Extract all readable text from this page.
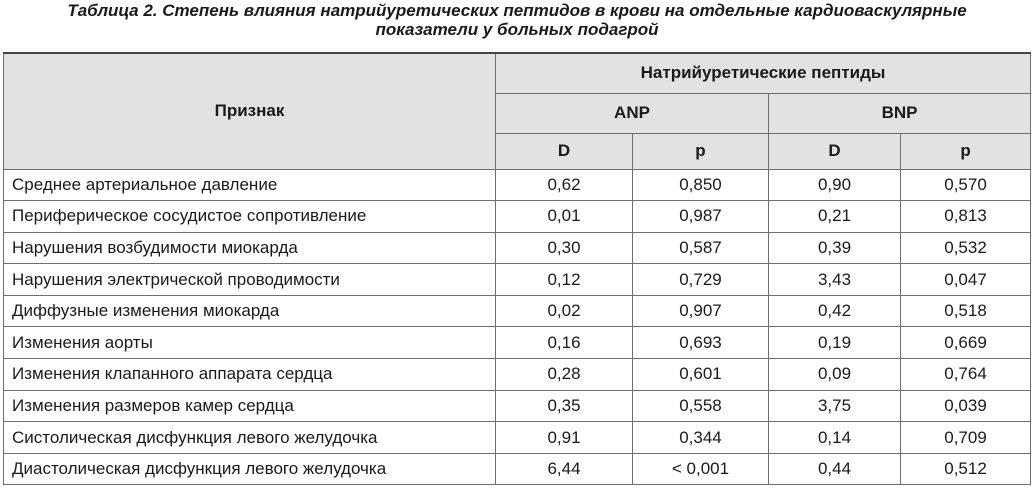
Таблица 2. Степень влияния натрийуретических пептидов в крови на отдельные кардиоваскулярные
показатели у больных подагрой
Признак	Натрийуретические пептиды			
	ANP		BNP	
	D	p	D	p
Среднее артериальное давление	0,62	0,850	0,90	0,570
Периферическое сосудистое сопротивление	0,01	0,987	0,21	0,813
Нарушения возбудимости миокарда	0,30	0,587	0,39	0,532
Нарушения электрической проводимости	0,12	0,729	3,43	0,047
Диффузные изменения миокарда	0,02	0,907	0,42	0,518
Изменения аорты	0,16	0,693	0,19	0,669
Изменения клапанного аппарата сердца	0,28	0,601	0,09	0,764
Изменения размеров камер сердца	0,35	0,558	3,75	0,039
Систолическая дисфункция левого желудочка	0,91	0,344	0,14	0,709
Диастолическая дисфункция левого желудочка	6,44	< 0,001	0,44	0,512
